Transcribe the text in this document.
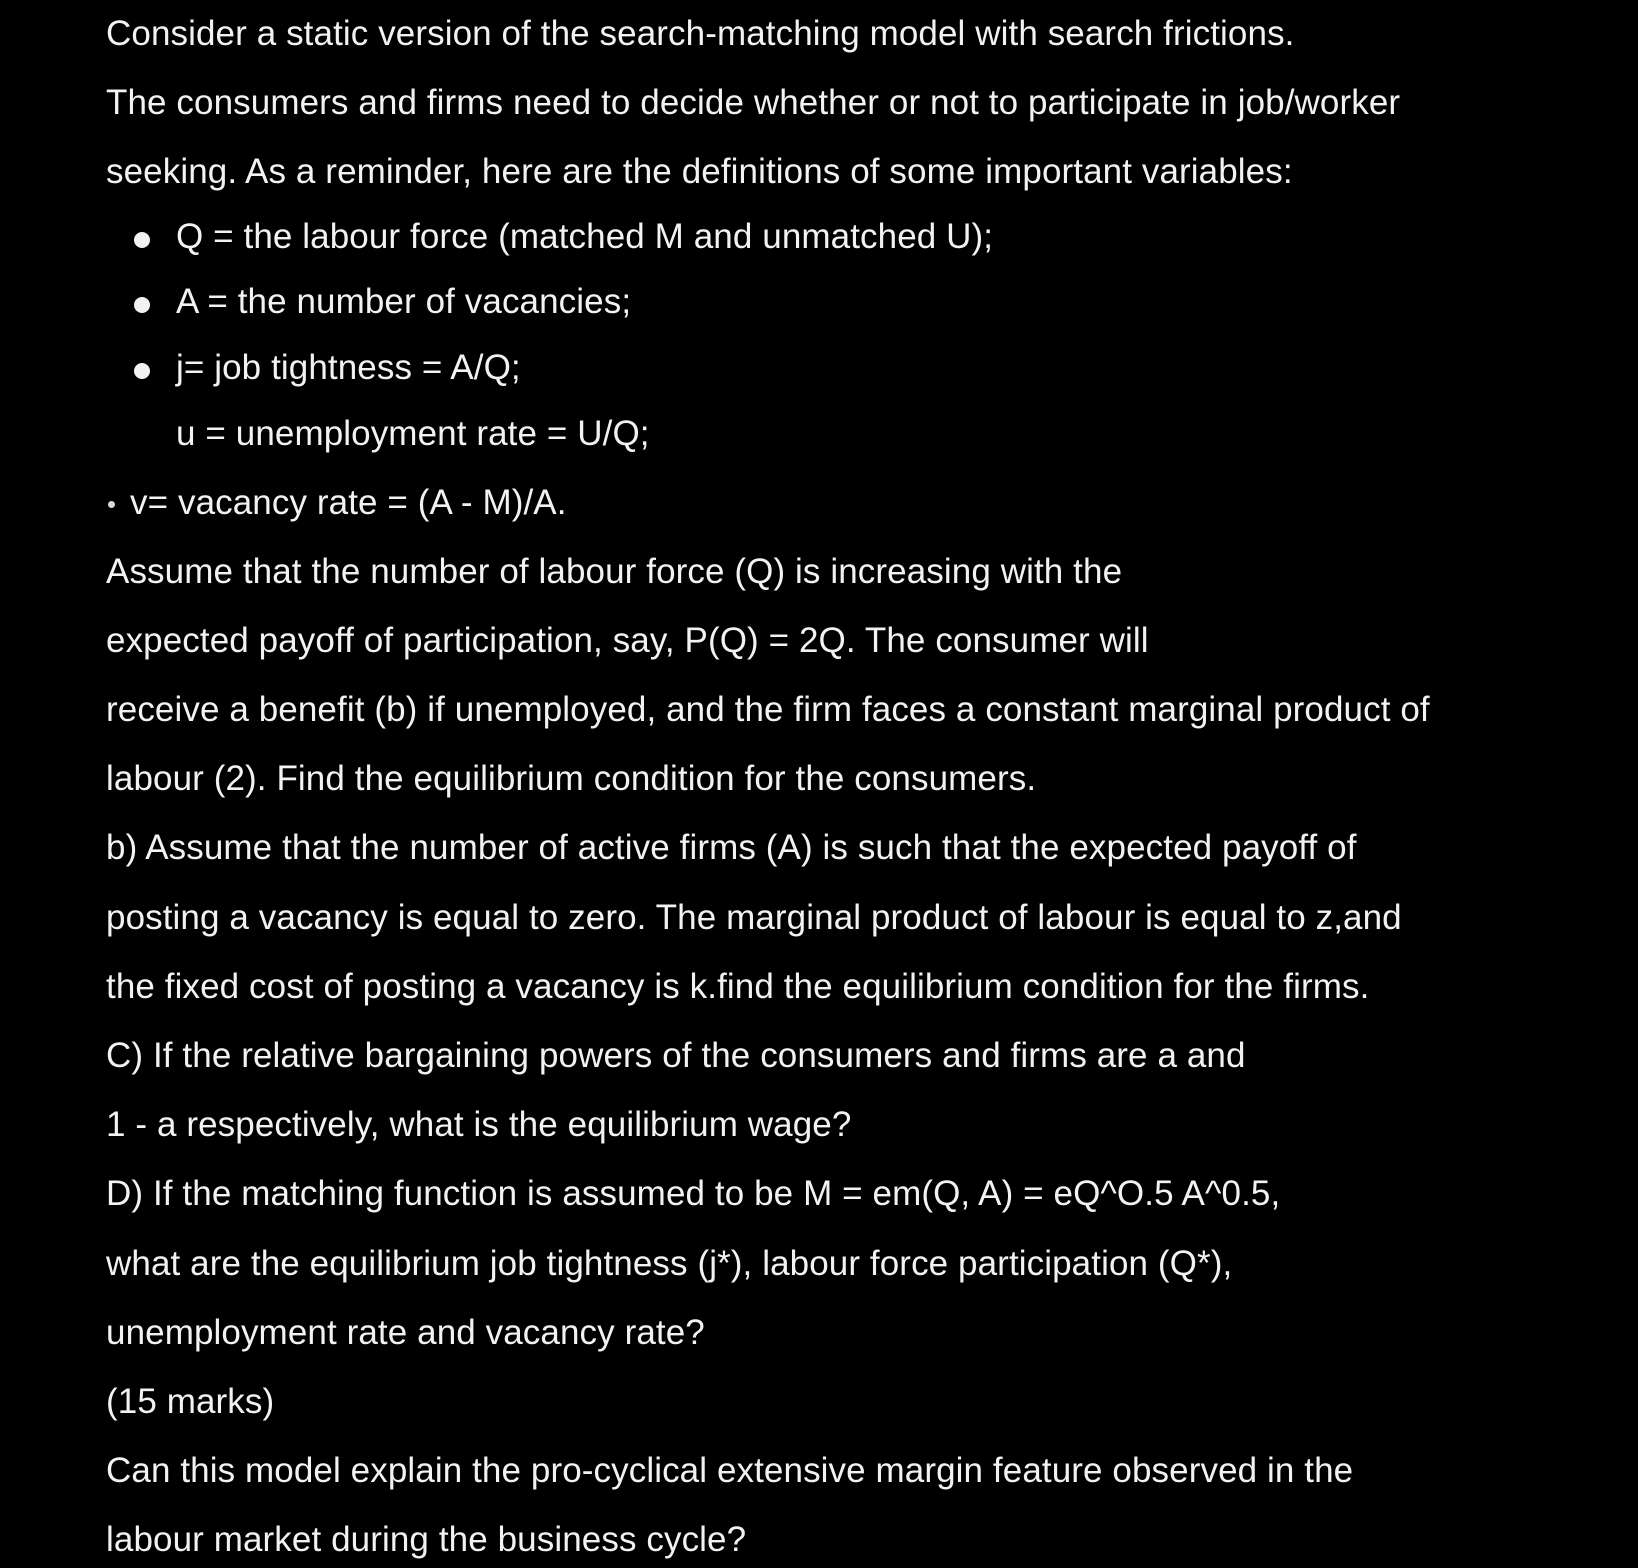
Consider a static version of the search-matching model with search frictions.
The consumers and firms need to decide whether or not to participate in job/worker
seeking. As a reminder, here are the definitions of some important variables:
Q = the labour force (matched M and unmatched U);
A = the number of vacancies;
j= job tightness = A/Q;
u = unemployment rate = U/Q;
v= vacancy rate = (A - M)/A.
Assume that the number of labour force (Q) is increasing with the
expected payoff of participation, say, P(Q) = 2Q. The consumer will
receive a benefit (b) if unemployed, and the firm faces a constant marginal product of
labour (2). Find the equilibrium condition for the consumers.
b) Assume that the number of active firms (A) is such that the expected payoff of
posting a vacancy is equal to zero. The marginal product of labour is equal to z,and
the fixed cost of posting a vacancy is k.find the equilibrium condition for the firms.
C) If the relative bargaining powers of the consumers and firms are a and
1 - a respectively, what is the equilibrium wage?
D) If the matching function is assumed to be M = em(Q, A) = eQ^O.5 A^0.5,
what are the equilibrium job tightness (j*), labour force participation (Q*),
unemployment rate and vacancy rate?
(15 marks)
Can this model explain the pro-cyclical extensive margin feature observed in the
labour market during the business cycle?
